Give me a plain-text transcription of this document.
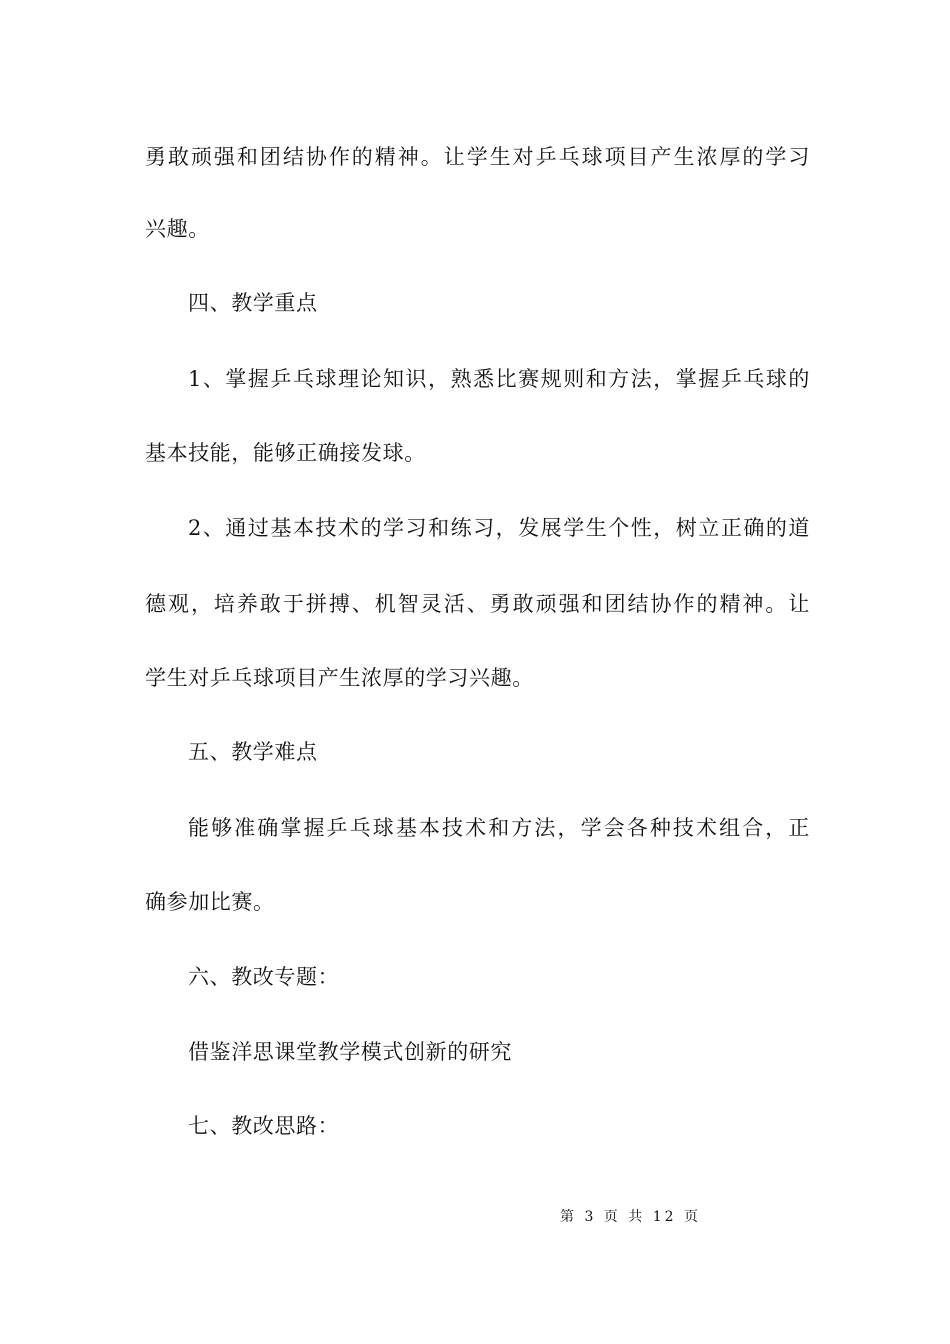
勇敢顽强和团结协作的精神。让学生对乒乓球项目产生浓厚的学习
兴趣。
四、教学重点
1、掌握乒乓球理论知识，熟悉比赛规则和方法，掌握乒乓球的
基本技能，能够正确接发球。
2、通过基本技术的学习和练习，发展学生个性，树立正确的道
德观，培养敢于拼搏、机智灵活、勇敢顽强和团结协作的精神。让
学生对乒乓球项目产生浓厚的学习兴趣。
五、教学难点
能够准确掌握乒乓球基本技术和方法，学会各种技术组合，正
确参加比赛。
六、教改专题：
借鉴洋思课堂教学模式创新的研究
七、教改思路：
第 3 页 共 12 页
